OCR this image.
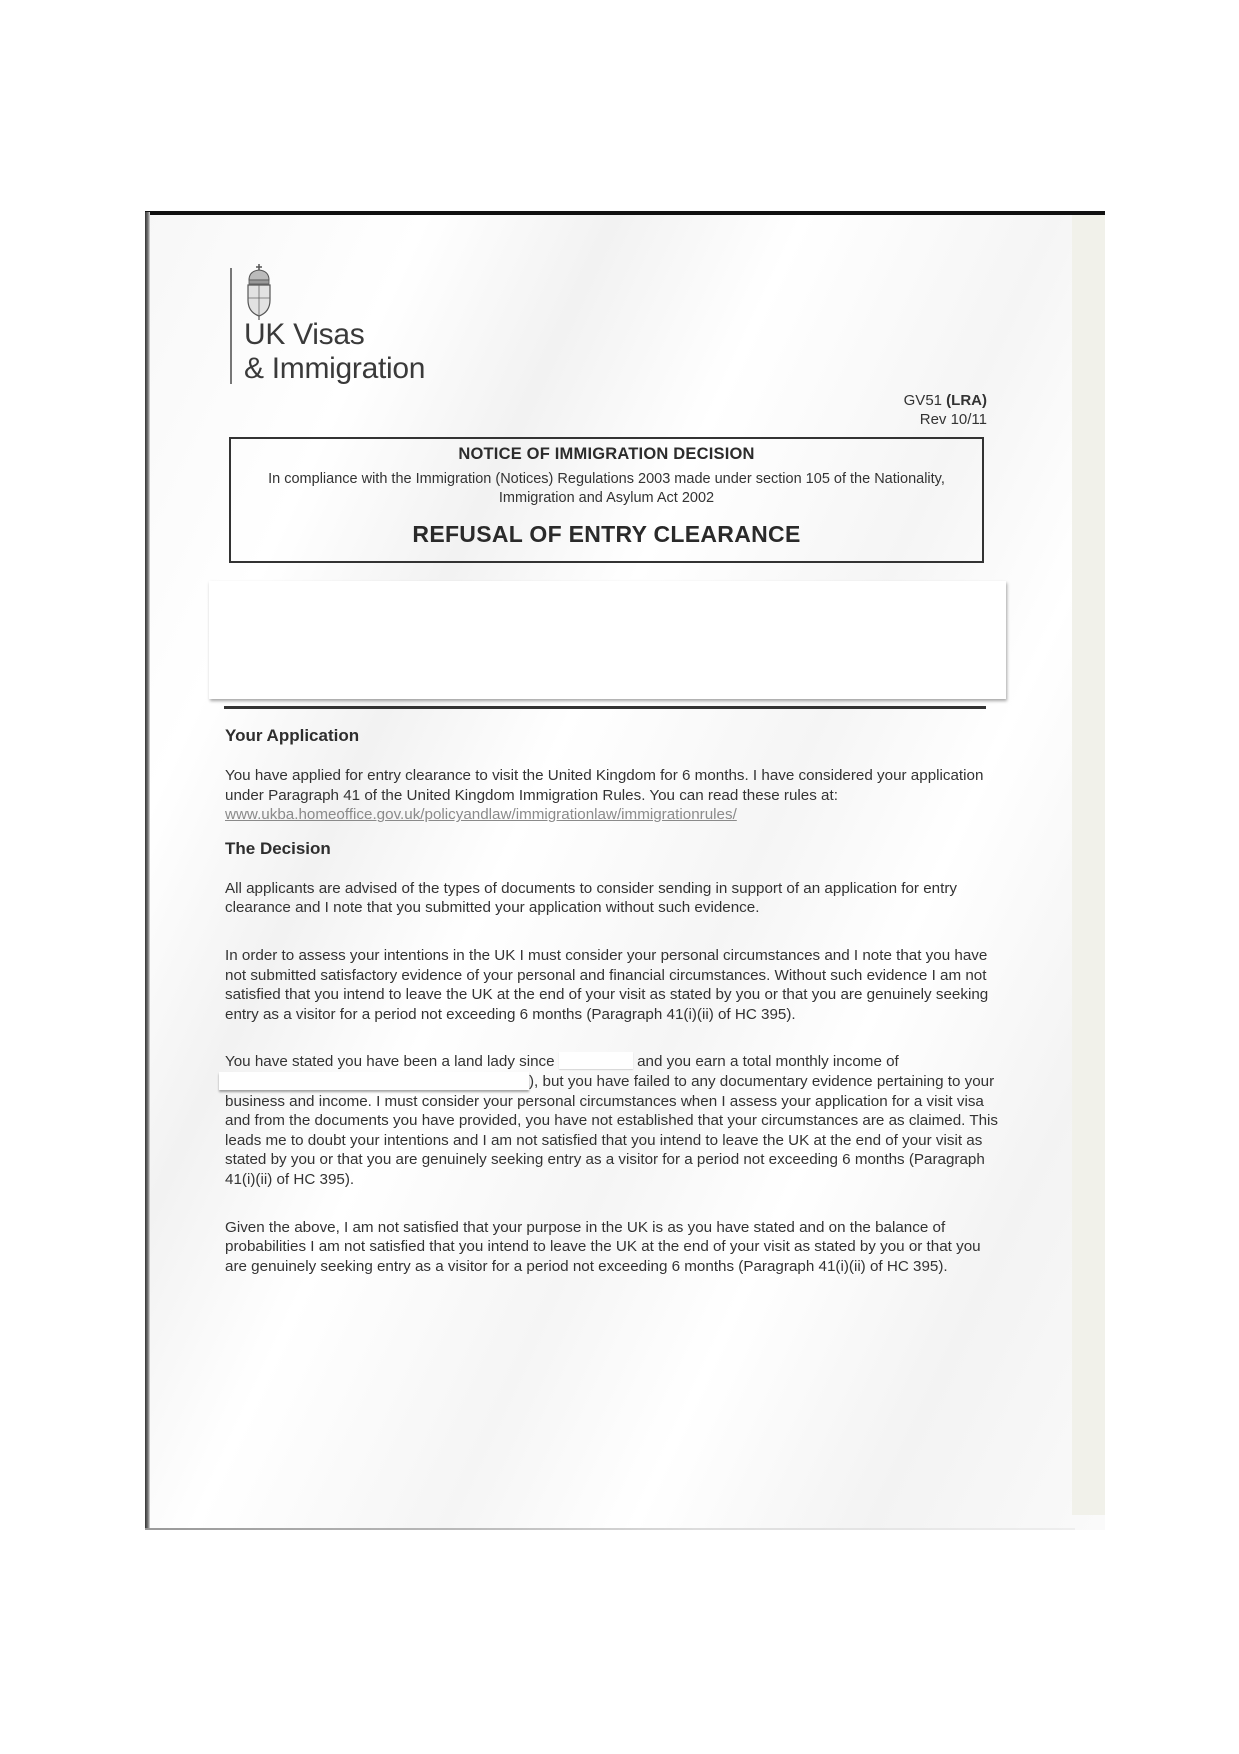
UK Visas
& Immigration
GV51 (LRA)
Rev 10/11
NOTICE OF IMMIGRATION DECISION
In compliance with the Immigration (Notices) Regulations 2003 made under section 105 of the Nationality, Immigration and Asylum Act 2002
REFUSAL OF ENTRY CLEARANCE
Your Application

You have applied for entry clearance to visit the United Kingdom for 6 months. I have considered your application under Paragraph 41 of the United Kingdom Immigration Rules. You can read these rules at: www.ukba.homeoffice.gov.uk/policyandlaw/immigrationlaw/immigrationrules/

The Decision

All applicants are advised of the types of documents to consider sending in support of an application for entry clearance and I note that you submitted your application without such evidence.

In order to assess your intentions in the UK I must consider your personal circumstances and I note that you have not submitted satisfactory evidence of your personal and financial circumstances. Without such evidence I am not satisfied that you intend to leave the UK at the end of your visit as stated by you or that you are genuinely seeking entry as a visitor for a period not exceeding 6 months (Paragraph 41(i)(ii) of HC 395).

You have stated you have been a land lady since	and you earn a total monthly income of
), but you have failed to any documentary evidence pertaining to your business and income. I must consider your personal circumstances when I assess your application for a visit visa and from the documents you have provided, you have not established that your circumstances are as claimed. This leads me to doubt your intentions and I am not satisfied that you intend to leave the UK at the end of your visit as stated by you or that you are genuinely seeking entry as a visitor for a period not exceeding 6 months (Paragraph 41(i)(ii) of HC 395).

Given the above, I am not satisfied that your purpose in the UK is as you have stated and on the balance of probabilities I am not satisfied that you intend to leave the UK at the end of your visit as stated by you or that you are genuinely seeking entry as a visitor for a period not exceeding 6 months (Paragraph 41(i)(ii) of HC 395).
